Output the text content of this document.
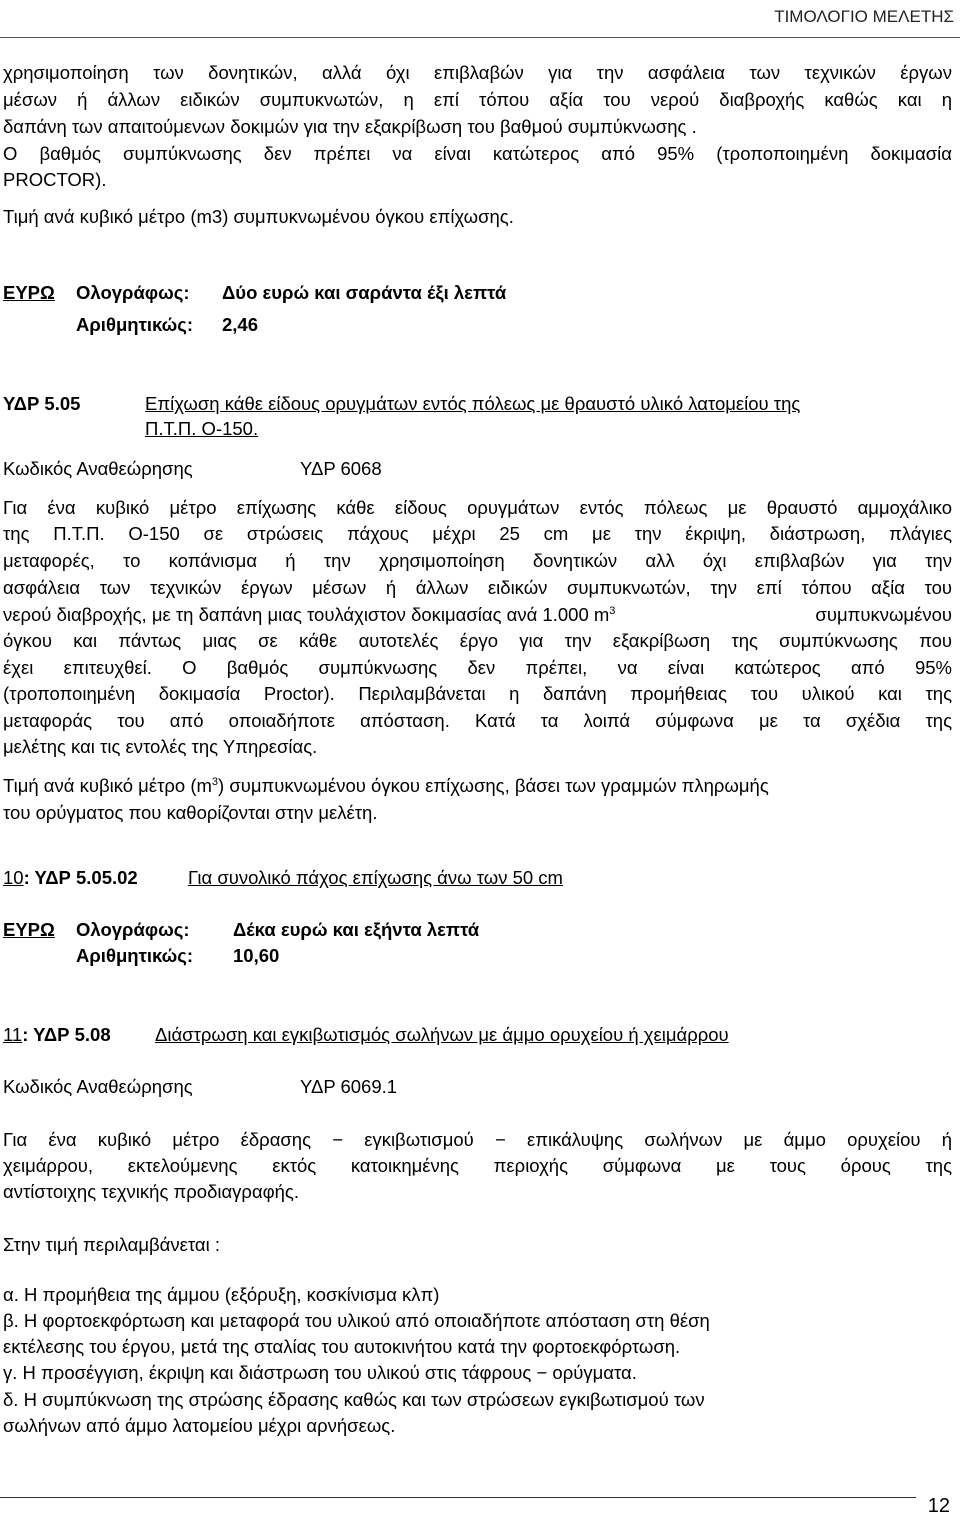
ΤΙΜΟΛΟΓΙΟ ΜΕΛΕΤΗΣ
χρησιμοποίηση των δονητικών, αλλά όχι επιβλαβών για την ασφάλεια των τεχνικών έργων
μέσων ή άλλων ειδικών συμπυκνωτών, η επί τόπου αξία του νερού διαβροχής καθώς και η
δαπάνη των απαιτούμενων δοκιμών για την εξακρίβωση του βαθμού συμπύκνωσης .
Ο βαθμός συμπύκνωσης δεν πρέπει να είναι κατώτερος από 95% (τροποποιημένη δοκιμασία
PROCTOR).
Τιμή ανά κυβικό μέτρο (m3) συμπυκνωμένου όγκου επίχωσης.
ΕΥΡΩ Ολογράφως: Δύο ευρώ και σαράντα έξι λεπτά
Αριθμητικώς: 2,46
ΥΔΡ 5.05	Επίχωση κάθε είδους ορυγμάτων εντός πόλεως με θραυστό υλικό λατομείου της
Π.Τ.Π. Ο-150.
Κωδικός Αναθεώρησης	ΥΔΡ 6068
Για ένα κυβικό μέτρο επίχωσης κάθε είδους ορυγμάτων εντός πόλεως με θραυστό αμμοχάλικο
της Π.Τ.Π. Ο-150 σε στρώσεις πάχους μέχρι 25 cm με την έκριψη, διάστρωση, πλάγιες
μεταφορές, το κοπάνισμα ή την χρησιμοποίηση δονητικών αλλ όχι επιβλαβών για την
ασφάλεια των τεχνικών έργων μέσων ή άλλων ειδικών συμπυκνωτών, την επί τόπου αξία του
νερού διαβροχής, με τη δαπάνη μιας τουλάχιστον δοκιμασίας ανά 1.000 $m^3$	συμπυκνωμένου
όγκου και πάντως μιας σε κάθε αυτοτελές έργο για την εξακρίβωση της συμπύκνωσης που
έχει επιτευχθεί. Ο βαθμός συμπύκνωσης δεν πρέπει, να είναι κατώτερος από 95%
(τροποποιημένη δοκιμασία Proctor). Περιλαμβάνεται η δαπάνη προμήθειας του υλικού και της
μεταφοράς του από οποιαδήποτε απόσταση. Κατά τα λοιπά σύμφωνα με τα σχέδια της
μελέτης και τις εντολές της Υπηρεσίας.
Τιμή ανά κυβικό μέτρο $(m^3)$ συμπυκνωμένου όγκου επίχωσης, βάσει των γραμμών πληρωμής
του ορύγματος που καθορίζονται στην μελέτη.
10: ΥΔΡ 5.05.02	Για συνολικό πάχος επίχωσης άνω των 50 cm
ΕΥΡΩ Ολογράφως: Δέκα ευρώ και εξήντα λεπτά
Αριθμητικώς: 10,60
11: ΥΔΡ 5.08 Διάστρωση και εγκιβωτισμός σωλήνων με άμμο ορυχείου ή χειμάρρου
Κωδικός Αναθεώρησης	ΥΔΡ 6069.1
Για ένα κυβικό μέτρο έδρασης − εγκιβωτισμού − επικάλυψης σωλήνων με άμμο ορυχείου ή
χειμάρρου, εκτελούμενης εκτός κατοικημένης περιοχής σύμφωνα με τους όρους της
αντίστοιχης τεχνικής προδιαγραφής.
Στην τιμή περιλαμβάνεται :
α. Η προμήθεια της άμμου (εξόρυξη, κοσκίνισμα κλπ)
β. Η φορτοεκφόρτωση και μεταφορά του υλικού από οποιαδήποτε απόσταση στη θέση
εκτέλεσης του έργου, μετά της σταλίας του αυτοκινήτου κατά την φορτοεκφόρτωση.
γ. Η προσέγγιση, έκριψη και διάστρωση του υλικού στις τάφρους − ορύγματα.
δ. Η συμπύκνωση της στρώσης έδρασης καθώς και των στρώσεων εγκιβωτισμού των
σωλήνων από άμμο λατομείου μέχρι αρνήσεως.
12
